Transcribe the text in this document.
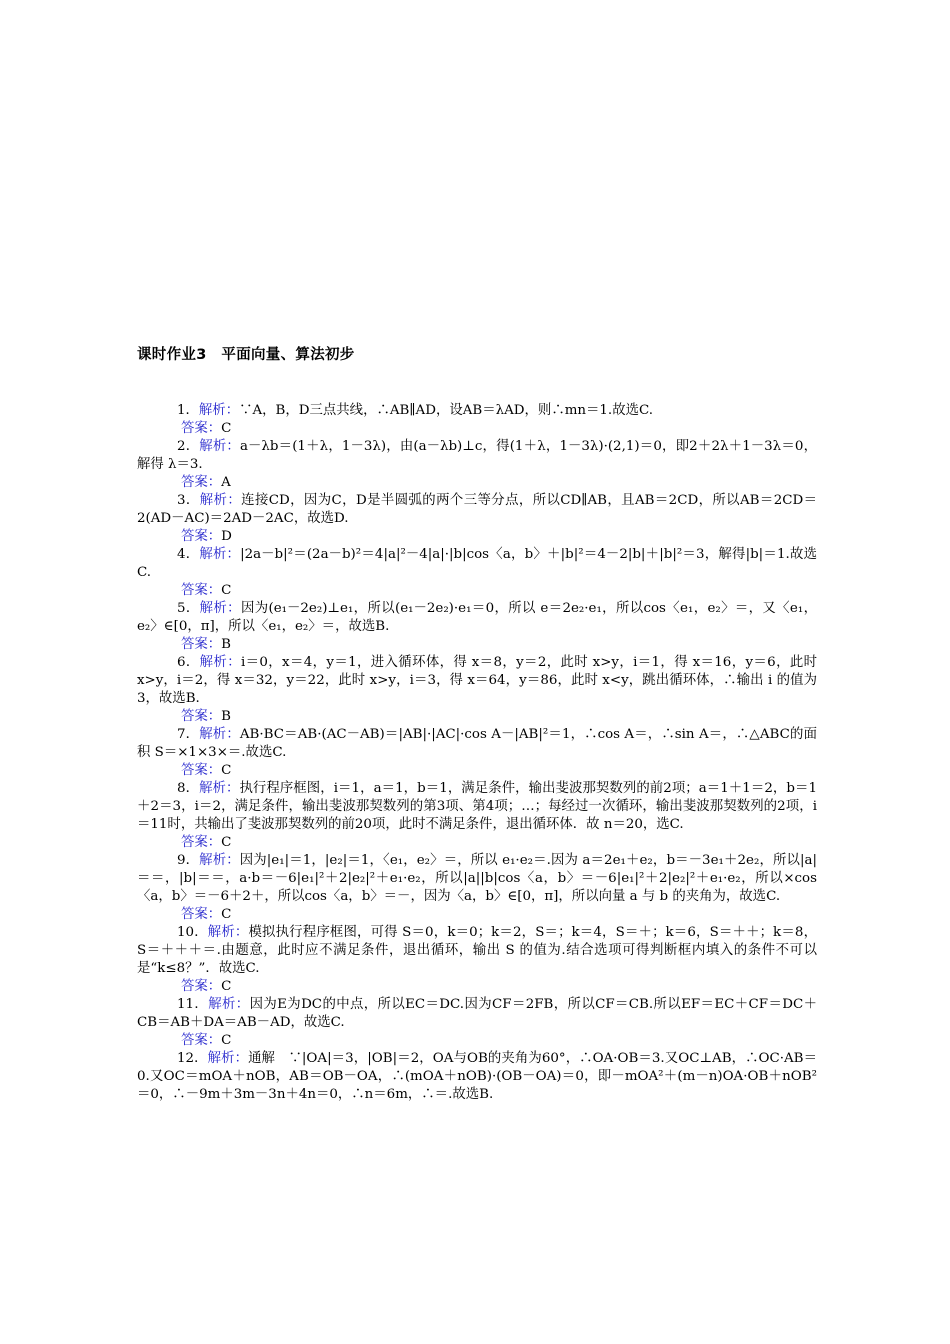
课时作业3　平面向量、算法初步

1．解析：∵A，B，D三点共线，∴AB∥AD，设AB＝λAD，则∴mn＝1.故选C.

答案：C

2．解析：a－λb＝(1＋λ，1－3λ)，由(a－λb)⊥c，得(1＋λ，1－3λ)·(2,1)＝0，即2＋2λ＋1－3λ＝0，解得 λ＝3.

答案：A

3．解析：连接CD，因为C，D是半圆弧的两个三等分点，所以CD∥AB，且AB＝2CD，所以AB＝2CD＝2(AD－AC)＝2AD－2AC，故选D.

答案：D

4．解析：|2a－b|²＝(2a－b)²＝4|a|²－4|a|·|b|cos〈a，b〉＋|b|²＝4－2|b|＋|b|²＝3，解得|b|＝1.故选C.

答案：C

5．解析：因为(e₁－2e₂)⊥e₁，所以(e₁－2e₂)·e₁＝0，所以 e＝2e₂·e₁，所以cos〈e₁，e₂〉＝，又〈e₁，e₂〉∈[0，π]，所以〈e₁，e₂〉＝，故选B.

答案：B

6．解析：i＝0，x＝4，y＝1，进入循环体，得 x＝8，y＝2，此时 x>y，i＝1，得 x＝16，y＝6，此时 x>y，i＝2，得 x＝32，y＝22，此时 x>y，i＝3，得 x＝64，y＝86，此时 x<y，跳出循环体，∴输出 i 的值为3，故选B.

答案：B

7．解析：AB·BC＝AB·(AC－AB)＝|AB|·|AC|·cos A－|AB|²＝1，∴cos A＝，∴sin A＝，∴△ABC的面积 S＝×1×3×＝.故选C.

答案：C

8．解析：执行程序框图，i＝1，a＝1，b＝1，满足条件，输出斐波那契数列的前2项；a＝1＋1＝2，b＝1＋2＝3，i＝2，满足条件，输出斐波那契数列的第3项、第4项；…；每经过一次循环，输出斐波那契数列的2项，i＝11时，共输出了斐波那契数列的前20项，此时不满足条件，退出循环体．故 n＝20，选C.

答案：C

9．解析：因为|e₁|＝1，|e₂|＝1，〈e₁，e₂〉＝，所以 e₁·e₂＝.因为 a＝2e₁＋e₂，b＝－3e₁＋2e₂，所以|a|＝＝，|b|＝＝，a·b＝－6|e₁|²＋2|e₂|²＋e₁·e₂，所以|a||b|cos〈a，b〉＝－6|e₁|²＋2|e₂|²＋e₁·e₂，所以×cos〈a，b〉＝－6＋2＋，所以cos〈a，b〉＝－，因为〈a，b〉∈[0，π]，所以向量 a 与 b 的夹角为，故选C.

答案：C

10．解析：模拟执行程序框图，可得 S＝0，k＝0；k＝2，S＝；k＝4，S＝＋；k＝6，S＝＋＋；k＝8，S＝＋＋＋＝.由题意，此时应不满足条件，退出循环，输出 S 的值为.结合选项可得判断框内填入的条件不可以是“k≤8？”．故选C.

答案：C

11．解析：因为E为DC的中点，所以EC＝DC.因为CF＝2FB，所以CF＝CB.所以EF＝EC＋CF＝DC＋CB＝AB＋DA＝AB－AD，故选C.

答案：C

12．解析：通解　∵|OA|＝3，|OB|＝2，OA与OB的夹角为60°，∴OA·OB＝3.又OC⊥AB，∴OC·AB＝0.又OC＝mOA＋nOB，AB＝OB－OA，∴(mOA＋nOB)·(OB－OA)＝0，即－mOA²＋(m－n)OA·OB＋nOB²＝0，∴－9m＋3m－3n＋4n＝0，∴n＝6m，∴＝.故选B.
